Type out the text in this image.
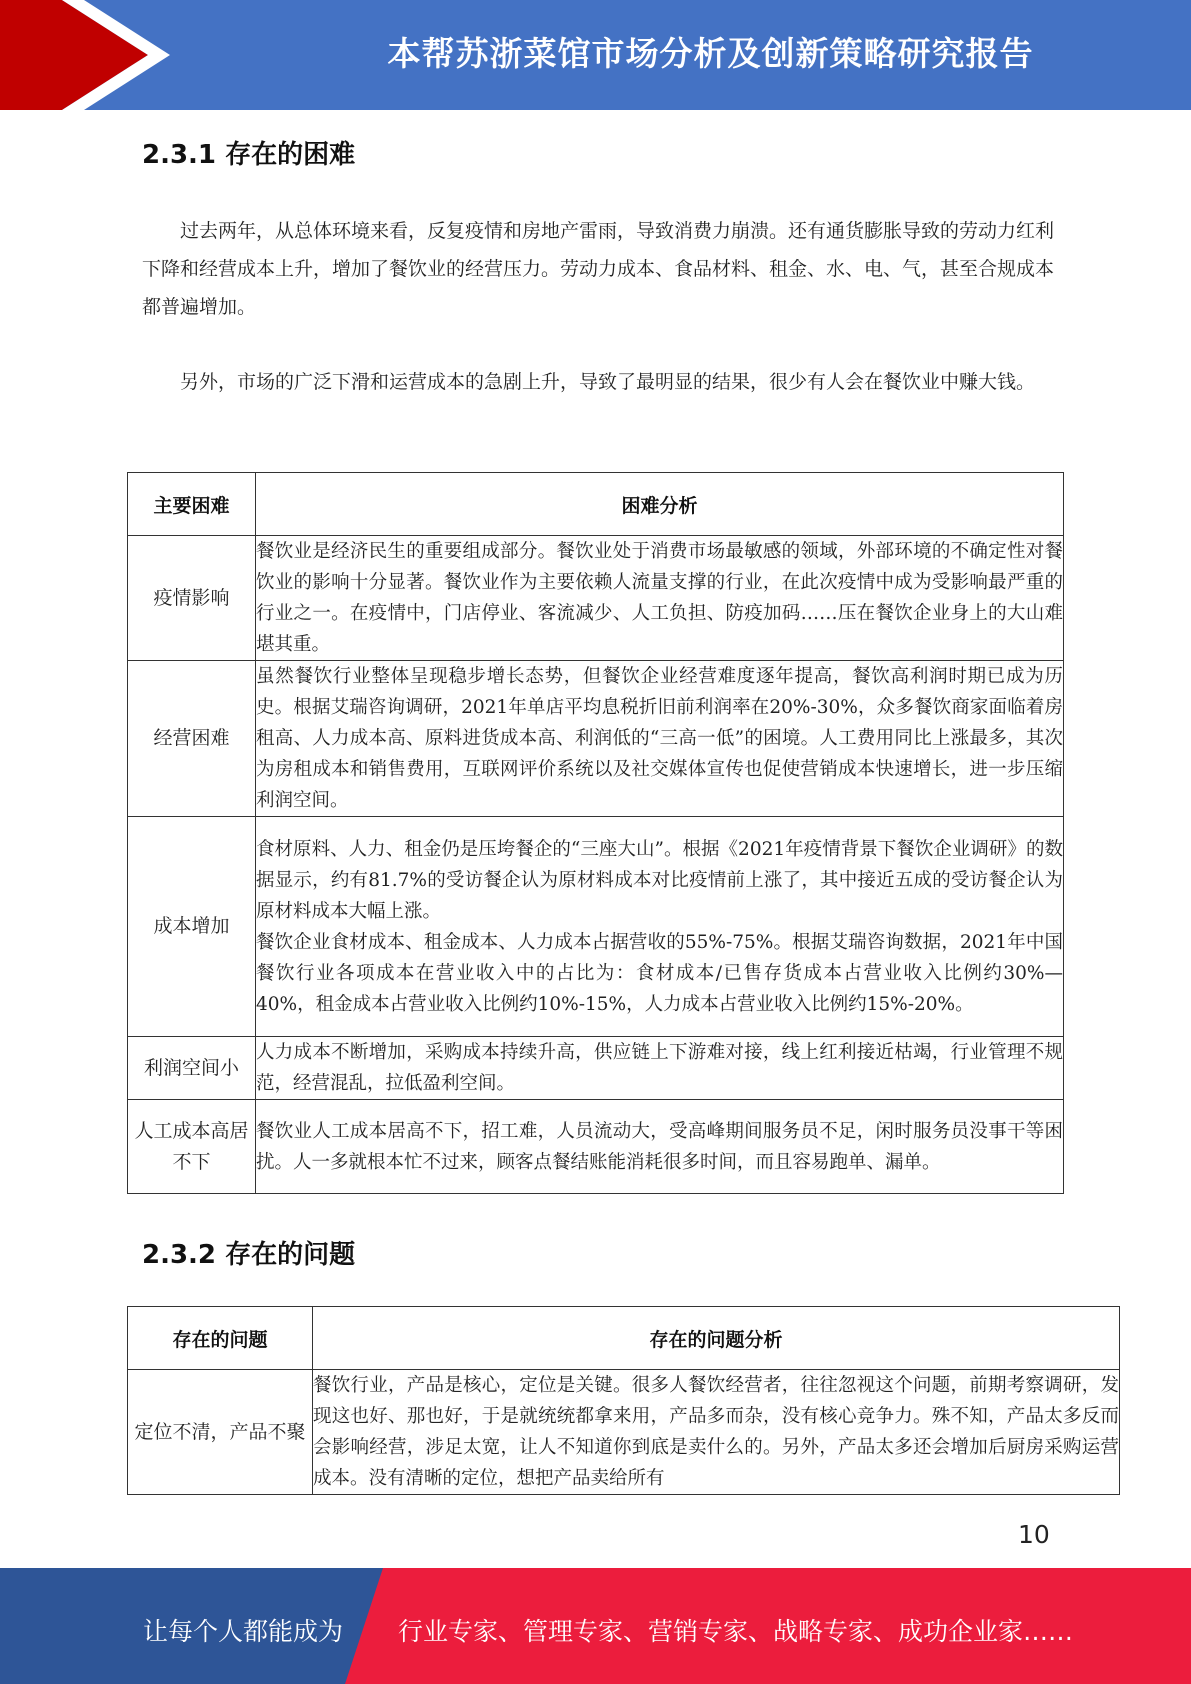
本帮苏浙菜馆市场分析及创新策略研究报告
2.3.1 存在的困难

过去两年，从总体环境来看，反复疫情和房地产雷雨，导致消费力崩溃。还有通货膨胀导致的劳动力红利下降和经营成本上升，增加了餐饮业的经营压力。劳动力成本、食品材料、租金、水、电、气，甚至合规成本都普遍增加。

另外，市场的广泛下滑和运营成本的急剧上升，导致了最明显的结果，很少有人会在餐饮业中赚大钱。

主要困难	困难分析
疫情影响	餐饮业是经济民生的重要组成部分。餐饮业处于消费市场最敏感的领域，外部环境的不确定性对餐饮业的影响十分显著。餐饮业作为主要依赖人流量支撑的行业，在此次疫情中成为受影响最严重的行业之一。在疫情中，门店停业、客流减少、人工负担、防疫加码……压在餐饮企业身上的大山难堪其重。
经营困难	虽然餐饮行业整体呈现稳步增长态势，但餐饮企业经营难度逐年提高，餐饮高利润时期已成为历史。根据艾瑞咨询调研，2021年单店平均息税折旧前利润率在20%-30%，众多餐饮商家面临着房租高、人力成本高、原料进货成本高、利润低的“三高一低”的困境。人工费用同比上涨最多，其次为房租成本和销售费用，互联网评价系统以及社交媒体宣传也促使营销成本快速增长，进一步压缩利润空间。
成本增加	食材原料、人力、租金仍是压垮餐企的“三座大山”。根据《2021年疫情背景下餐饮企业调研》的数据显示，约有81.7%的受访餐企认为原材料成本对比疫情前上涨了，其中接近五成的受访餐企认为原材料成本大幅上涨。
餐饮企业食材成本、租金成本、人力成本占据营收的55%-75%。根据艾瑞咨询数据，2021年中国餐饮行业各项成本在营业收入中的占比为：食材成本/已售存货成本占营业收入比例约30%—40%，租金成本占营业收入比例约10%-15%，人力成本占营业收入比例约15%-20%。

利润空间小	人力成本不断增加，采购成本持续升高，供应链上下游难对接，线上红利接近枯竭，行业管理不规范，经营混乱，拉低盈利空间。
人工成本高居不下	餐饮业人工成本居高不下，招工难，人员流动大，受高峰期间服务员不足，闲时服务员没事干等困扰。人一多就根本忙不过来，顾客点餐结账能消耗很多时间，而且容易跑单、漏单。
2.3.2 存在的问题
存在的问题	存在的问题分析
定位不清，产品不聚	餐饮行业，产品是核心，定位是关键。很多人餐饮经营者，往往忽视这个问题，前期考察调研，发现这也好、那也好，于是就统统都拿来用，产品多而杂，没有核心竞争力。殊不知，产品太多反而会影响经营，涉足太宽，让人不知道你到底是卖什么的。另外，产品太多还会增加后厨房采购运营成本。没有清晰的定位，想把产品卖给所有
10
让每个人都能成为 行业专家、管理专家、营销专家、战略专家、成功企业家……
